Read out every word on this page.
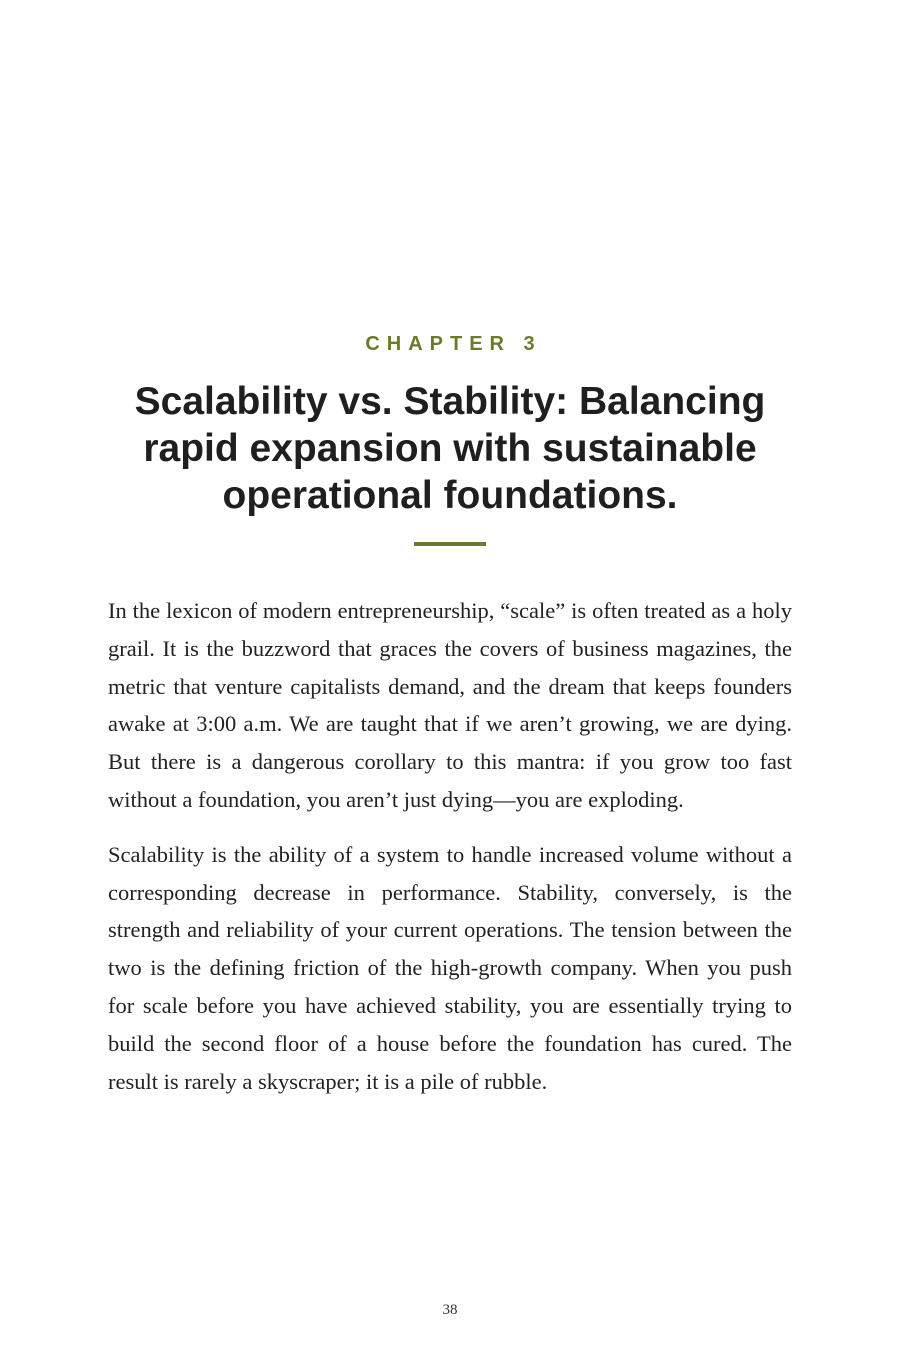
CHAPTER 3
Scalability vs. Stability: Balancing rapid expansion with sustainable operational foundations.

In the lexicon of modern entrepreneurship, “scale” is often treated as a holy grail. It is the buzzword that graces the covers of business magazines, the metric that venture capitalists demand, and the dream that keeps founders awake at 3:00 a.m. We are taught that if we aren’t growing, we are dying. But there is a dangerous corollary to this mantra: if you grow too fast without a foundation, you aren’t just dying—you are exploding.

Scalability is the ability of a system to handle increased volume without a corresponding decrease in performance. Stability, conversely, is the strength and reliability of your current operations. The tension between the two is the defining friction of the high-growth company. When you push for scale before you have achieved stability, you are essentially trying to build the second floor of a house before the foundation has cured. The result is rarely a skyscraper; it is a pile of rubble.

38
